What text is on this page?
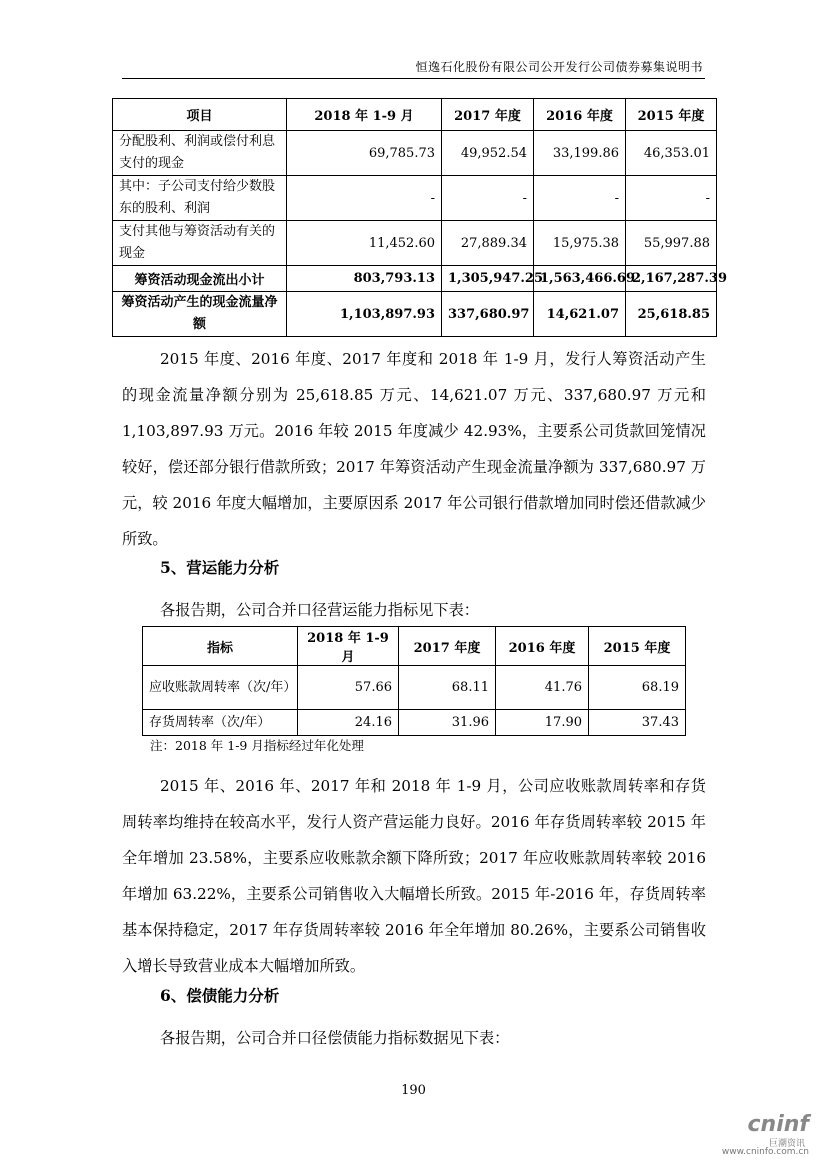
恒逸石化股份有限公司公开发行公司债券募集说明书
项目	2018 年 1-9 月	2017 年度	2016 年度	2015 年度
分配股利、利润或偿付利息支付的现金	69,785.73	49,952.54	33,199.86	46,353.01
其中：子公司支付给少数股东的股利、利润	-	-	-	-
支付其他与筹资活动有关的现金	11,452.60	27,889.34	15,975.38	55,997.88
筹资活动现金流出小计	803,793.13	1,305,947.25	1,563,466.69	2,167,287.39
筹资活动产生的现金流量净额	1,103,897.93	337,680.97	14,621.07	25,618.85
2015 年度、2016 年度、2017 年度和 2018 年 1-9 月，发行人筹资活动产生的现金流量净额分别为 25,618.85 万元、14,621.07 万元、337,680.97 万元和 1,103,897.93 万元。2016 年较 2015 年度减少 42.93%，主要系公司货款回笼情况较好，偿还部分银行借款所致；2017 年筹资活动产生现金流量净额为 337,680.97 万元，较 2016 年度大幅增加，主要原因系 2017 年公司银行借款增加同时偿还借款减少所致。
5、营运能力分析
各报告期，公司合并口径营运能力指标见下表：
指标	2018 年 1-9 月	2017 年度	2016 年度	2015 年度
应收账款周转率（次/年）	57.66	68.11	41.76	68.19
存货周转率（次/年）	24.16	31.96	17.90	37.43
注：2018 年 1-9 月指标经过年化处理
2015 年、2016 年、2017 年和 2018 年 1-9 月，公司应收账款周转率和存货周转率均维持在较高水平，发行人资产营运能力良好。2016 年存货周转率较 2015 年全年增加 23.58%，主要系应收账款余额下降所致；2017 年应收账款周转率较 2016 年增加 63.22%，主要系公司销售收入大幅增长所致。2015 年-2016 年，存货周转率基本保持稳定，2017 年存货周转率较 2016 年全年增加 80.26%，主要系公司销售收入增长导致营业成本大幅增加所致。
6、偿债能力分析
各报告期，公司合并口径偿债能力指标数据见下表：
190
cninf
巨潮资讯
www.cninfo.com.cn
